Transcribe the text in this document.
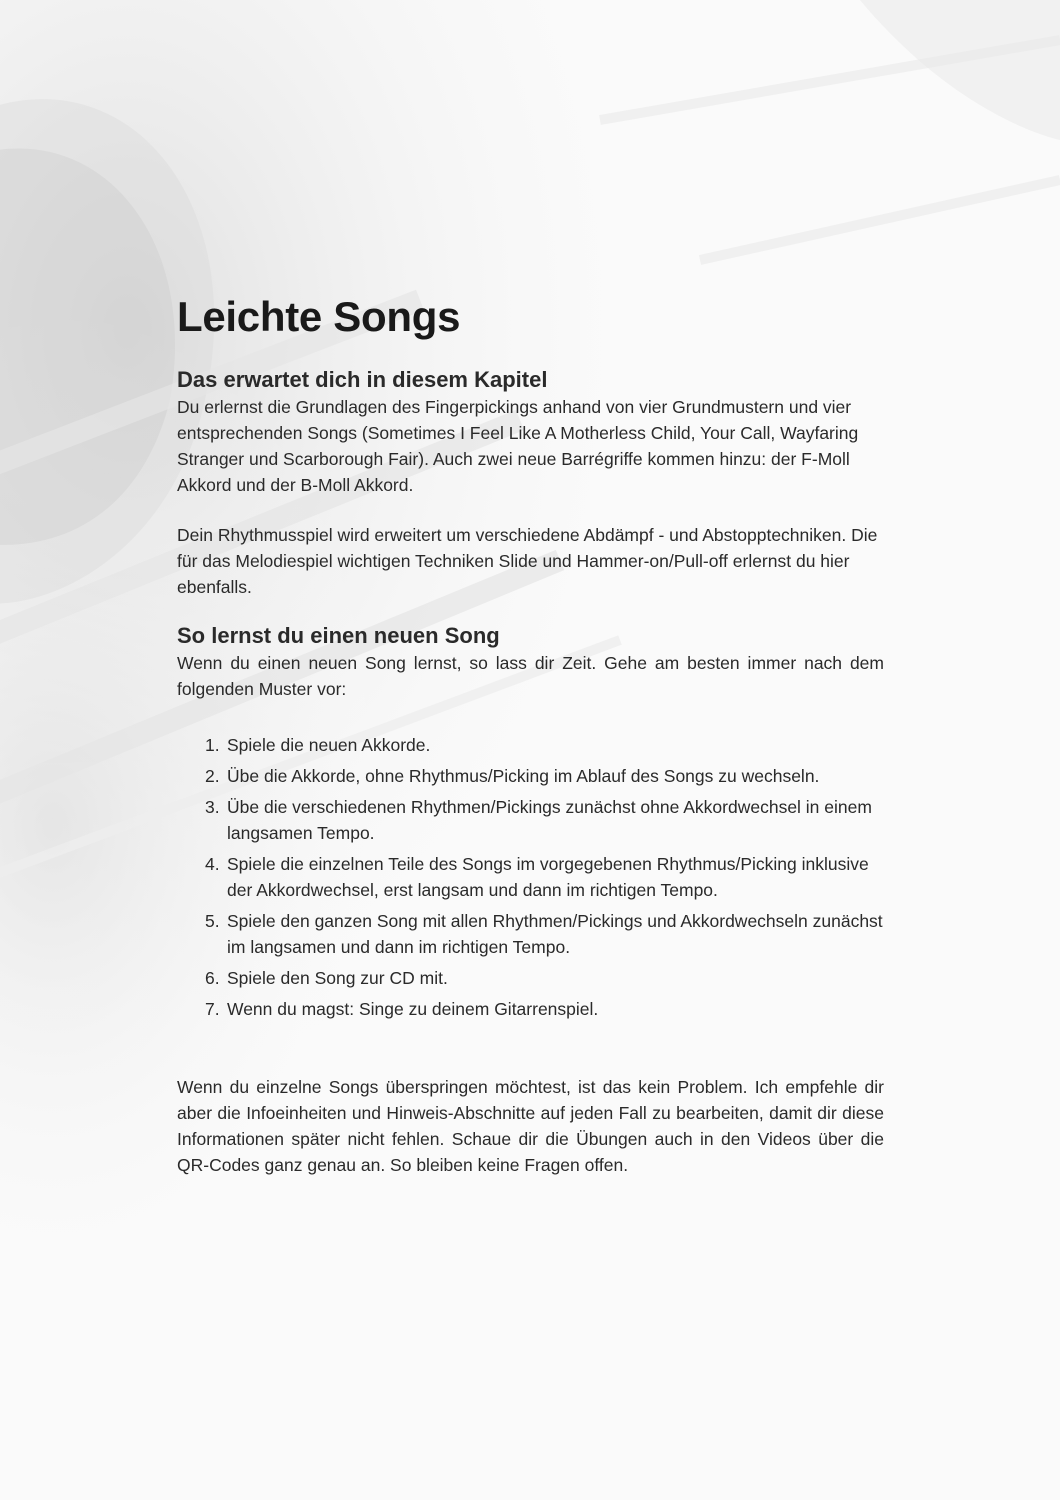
Leichte Songs
Das erwartet dich in diesem Kapitel

Du erlernst die Grundlagen des Fingerpickings anhand von vier Grundmustern und vier entsprechenden Songs (Sometimes I Feel Like A Motherless Child, Your Call, Wayfaring Stranger und Scarborough Fair). Auch zwei neue Barrégriffe kommen hinzu: der F-Moll Akkord und der B-Moll Akkord.

Dein Rhythmusspiel wird erweitert um verschiedene Abdämpf - und Abstopptechniken. Die für das Melodiespiel wichtigen Techniken Slide und Hammer-on/Pull-off erlernst du hier ebenfalls.

So lernst du einen neuen Song

Wenn du einen neuen Song lernst, so lass dir Zeit. Gehe am besten immer nach dem folgenden Muster vor:

1. Spiele die neuen Akkorde.
2. Übe die Akkorde, ohne Rhythmus/Picking im Ablauf des Songs zu wechseln.
3. Übe die verschiedenen Rhythmen/Pickings zunächst ohne Akkordwechsel in einem langsamen Tempo.
4. Spiele die einzelnen Teile des Songs im vorgegebenen Rhythmus/Picking inklusive der Akkordwechsel, erst langsam und dann im richtigen Tempo.
5. Spiele den ganzen Song mit allen Rhythmen/Pickings und Akkordwechseln zunächst im langsamen und dann im richtigen Tempo.
6. Spiele den Song zur CD mit.
7. Wenn du magst: Singe zu deinem Gitarrenspiel.

Wenn du einzelne Songs überspringen möchtest, ist das kein Problem. Ich empfehle dir aber die Infoeinheiten und Hinweis-Abschnitte auf jeden Fall zu bearbeiten, damit dir diese Informationen später nicht fehlen. Schaue dir die Übungen auch in den Videos über die QR-Codes ganz genau an. So bleiben keine Fragen offen.
